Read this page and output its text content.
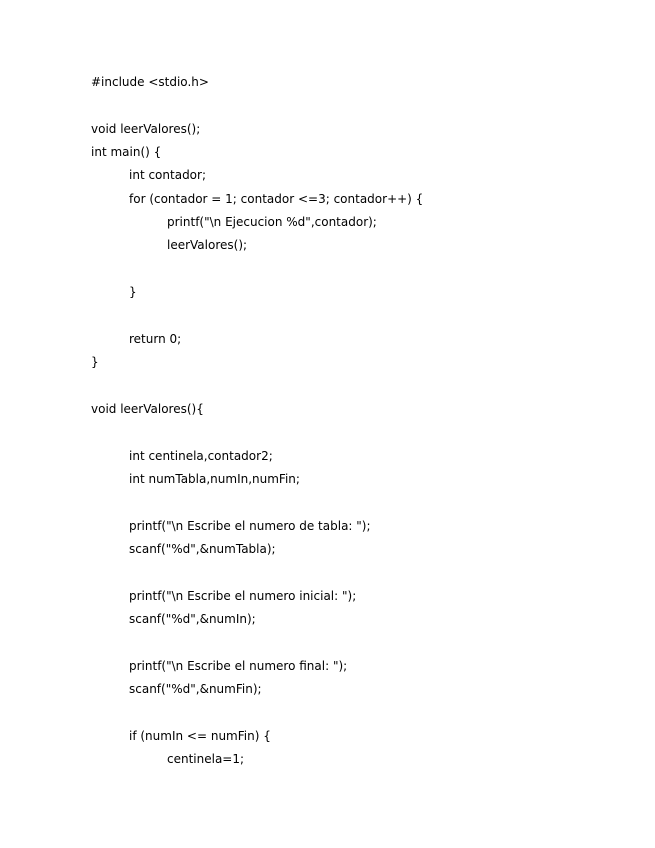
#include <stdio.h>
void leerValores();
int main() {
int contador;
for (contador = 1; contador <=3; contador++) {
printf("\n Ejecucion %d",contador);
leerValores();
}
return 0;
}
void leerValores(){
int centinela,contador2;
int numTabla,numIn,numFin;
printf("\n Escribe el numero de tabla: ");
scanf("%d",&numTabla);
printf("\n Escribe el numero inicial: ");
scanf("%d",&numIn);
printf("\n Escribe el numero final: ");
scanf("%d",&numFin);
if (numIn <= numFin) {
centinela=1;
